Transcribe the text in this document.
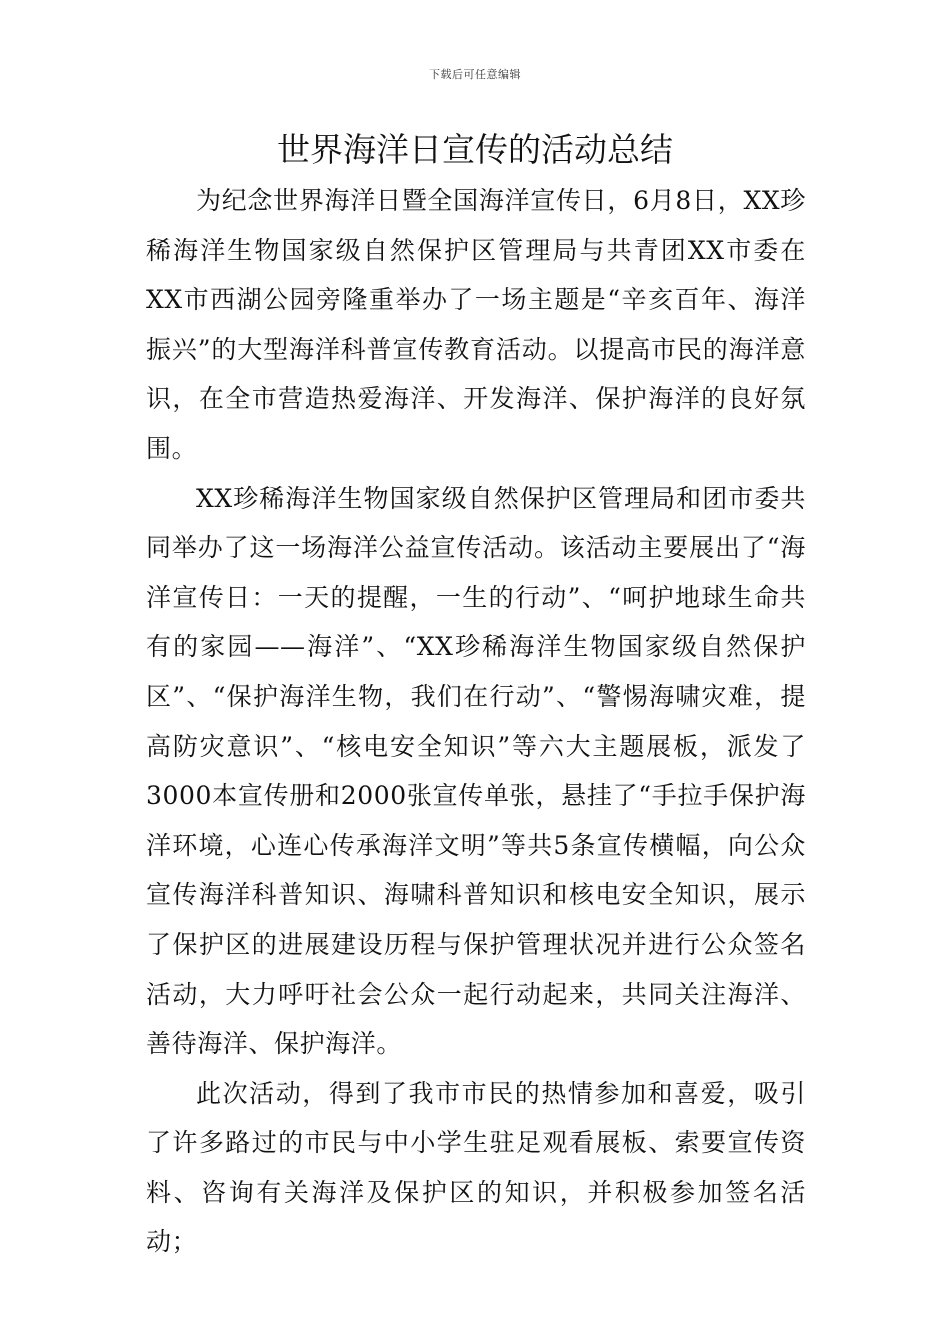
下载后可任意编辑
世界海洋日宣传的活动总结

为纪念世界海洋日暨全国海洋宣传日，6月8日，XX珍稀海洋生物国家级自然保护区管理局与共青团XX市委在XX市西湖公园旁隆重举办了一场主题是“辛亥百年、海洋振兴”的大型海洋科普宣传教育活动。以提高市民的海洋意识，在全市营造热爱海洋、开发海洋、保护海洋的良好氛围。

XX珍稀海洋生物国家级自然保护区管理局和团市委共同举办了这一场海洋公益宣传活动。该活动主要展出了“海洋宣传日：一天的提醒，一生的行动”、“呵护地球生命共有的家园——海洋”、“XX珍稀海洋生物国家级自然保护区”、“保护海洋生物，我们在行动”、“警惕海啸灾难，提高防灾意识”、“核电安全知识”等六大主题展板，派发了3000本宣传册和2000张宣传单张，悬挂了“手拉手保护海洋环境，心连心传承海洋文明”等共5条宣传横幅，向公众宣传海洋科普知识、海啸科普知识和核电安全知识，展示了保护区的进展建设历程与保护管理状况并进行公众签名活动，大力呼吁社会公众一起行动起来，共同关注海洋、善待海洋、保护海洋。

此次活动，得到了我市市民的热情参加和喜爱，吸引了许多路过的市民与中小学生驻足观看展板、索要宣传资料、咨询有关海洋及保护区的知识，并积极参加签名活动；
